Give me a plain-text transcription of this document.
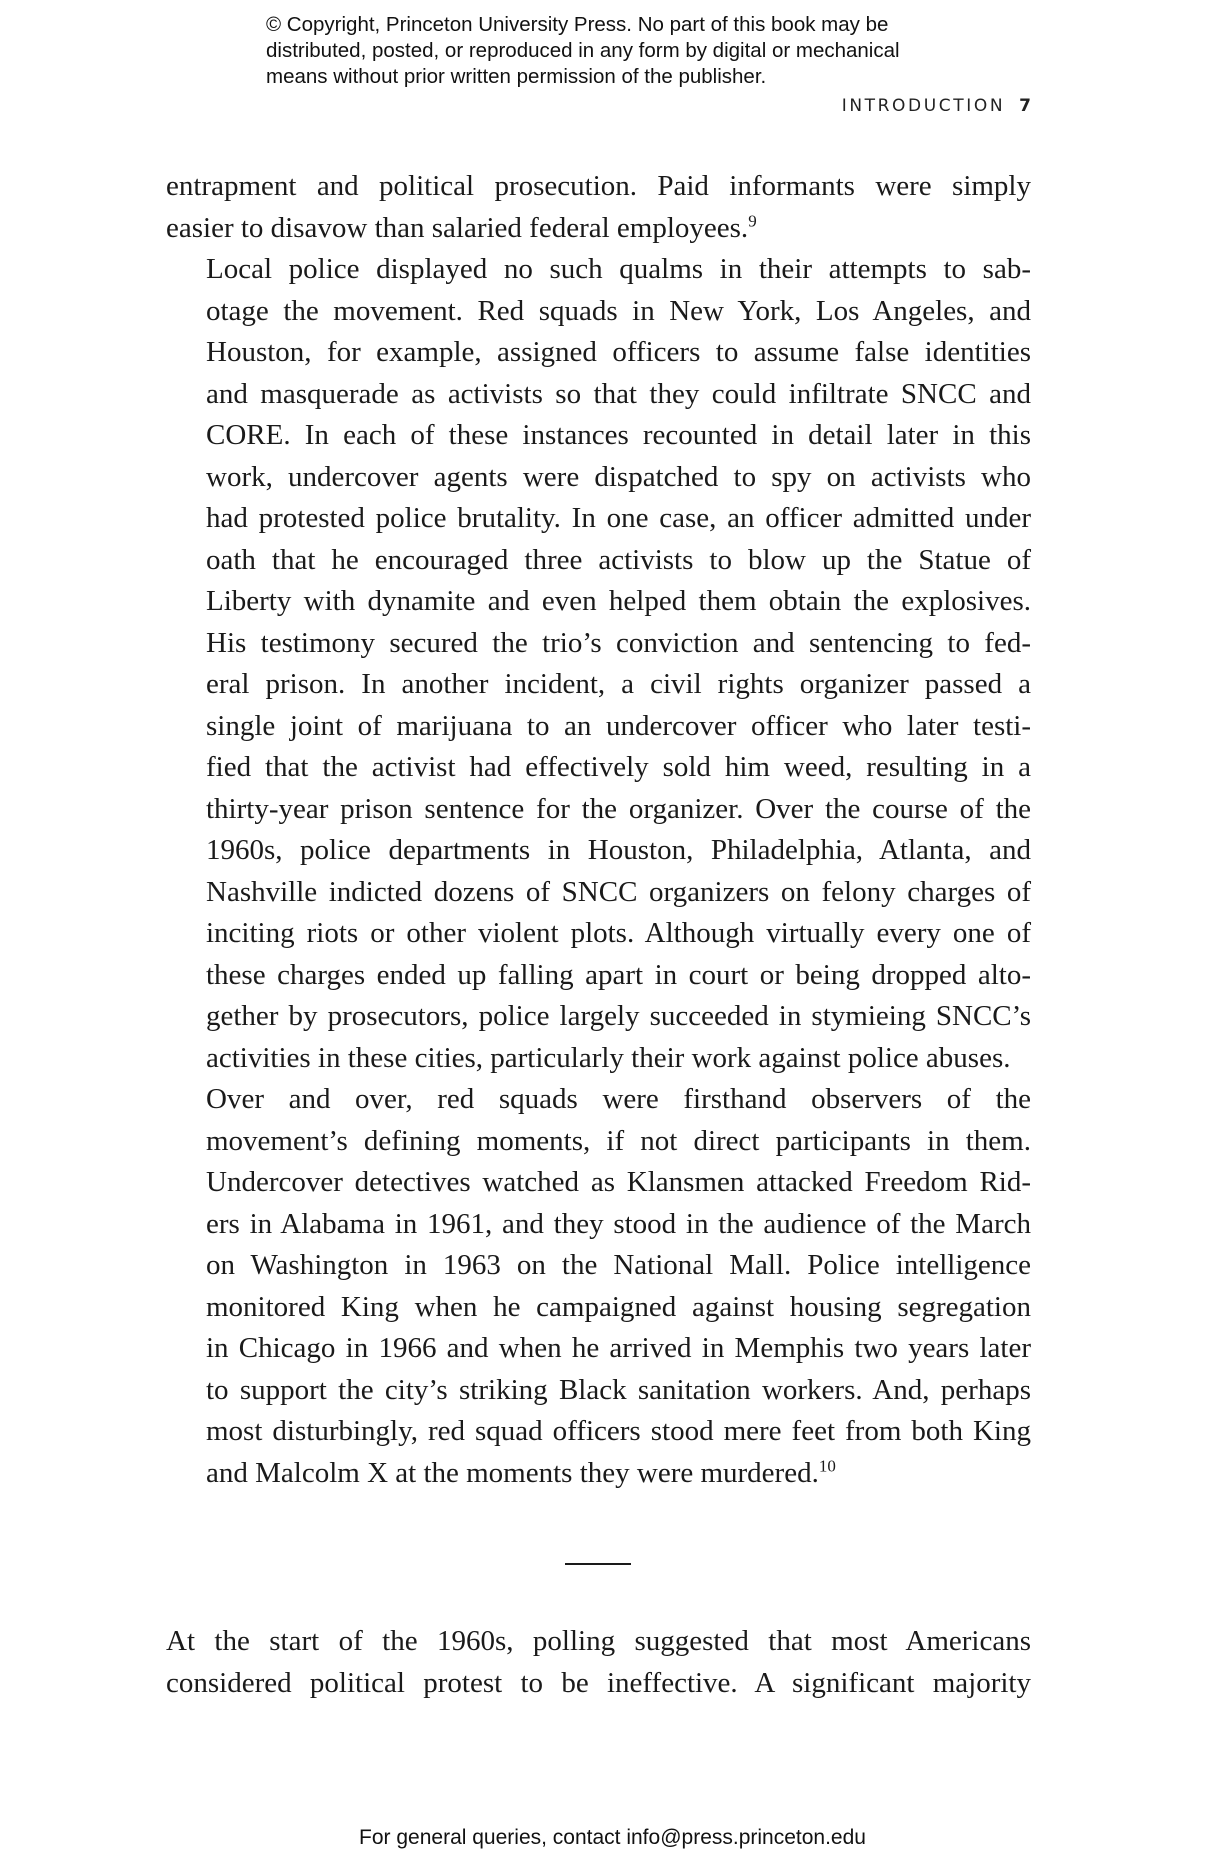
© Copyright, Princeton University Press. No part of this book may be
distributed, posted, or reproduced in any form by digital or mechanical
means without prior written permission of the publisher.
INTRODUCTION 7

entrapment and political prosecution. Paid informants were simply
easier to disavow than salaried federal employees.$^9$

Local police displayed no such qualms in their attempts to sab-
otage the movement. Red squads in New York, Los Angeles, and
Houston, for example, assigned officers to assume false identities
and masquerade as activists so that they could infiltrate SNCC and
CORE. In each of these instances recounted in detail later in this
work, undercover agents were dispatched to spy on activists who
had protested police brutality. In one case, an officer admitted under
oath that he encouraged three activists to blow up the Statue of
Liberty with dynamite and even helped them obtain the explosives.
His testimony secured the trio’s conviction and sentencing to fed-
eral prison. In another incident, a civil rights organizer passed a
single joint of marijuana to an undercover officer who later testi-
fied that the activist had effectively sold him weed, resulting in a
thirty-year prison sentence for the organizer. Over the course of the
1960s, police departments in Houston, Philadelphia, Atlanta, and
Nashville indicted dozens of SNCC organizers on felony charges of
inciting riots or other violent plots. Although virtually every one of
these charges ended up falling apart in court or being dropped alto-
gether by prosecutors, police largely succeeded in stymieing SNCC’s
activities in these cities, particularly their work against police abuses.

Over and over, red squads were firsthand observers of the
movement’s defining moments, if not direct participants in them.
Undercover detectives watched as Klansmen attacked Freedom Rid-
ers in Alabama in 1961, and they stood in the audience of the March
on Washington in 1963 on the National Mall. Police intelligence
monitored King when he campaigned against housing segregation
in Chicago in 1966 and when he arrived in Memphis two years later
to support the city’s striking Black sanitation workers. And, perhaps
most disturbingly, red squad officers stood mere feet from both King
and Malcolm X at the moments they were murdered.$^{10}$

At the start of the 1960s, polling suggested that most Americans
considered political protest to be ineffective. A significant majority

For general queries, contact info@press.princeton.edu
